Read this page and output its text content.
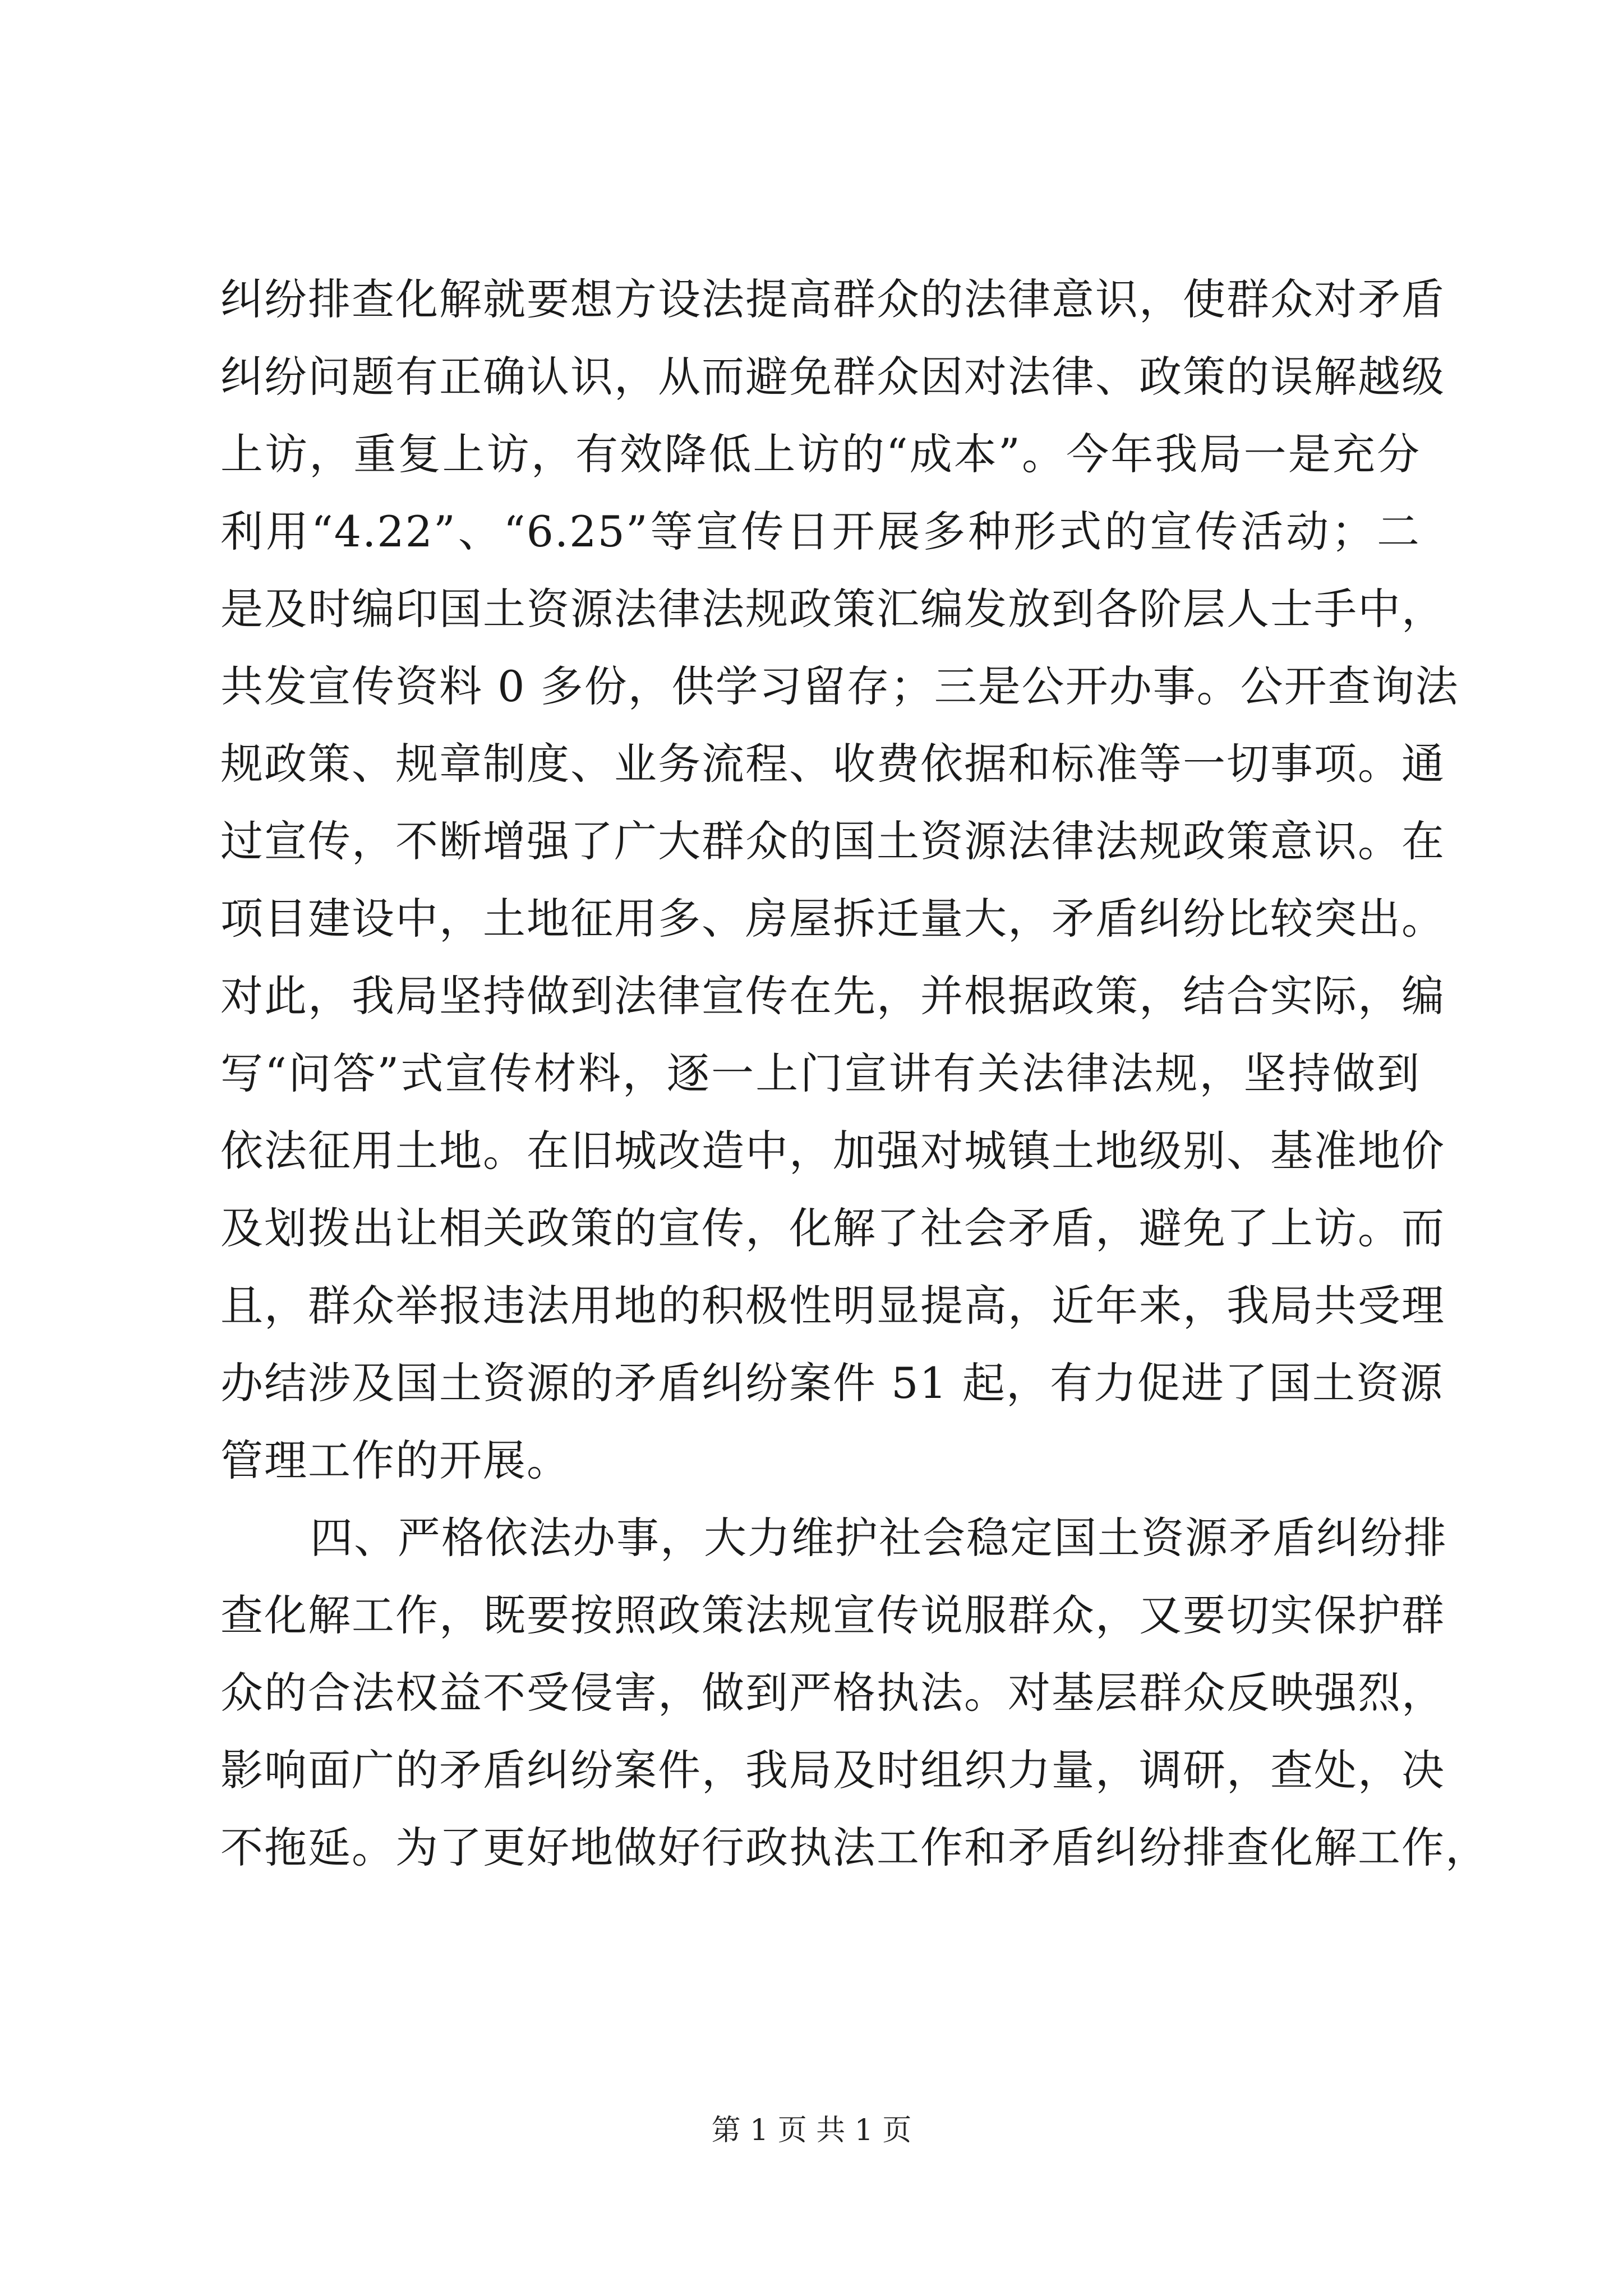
纠纷排查化解就要想方设法提高群众的法律意识，使群众对矛盾
纠纷问题有正确认识，从而避免群众因对法律、政策的误解越级
上访，重复上访，有效降低上访的“成本”。今年我局一是充分
利用“4.22”、“6.25”等宣传日开展多种形式的宣传活动；二
是及时编印国土资源法律法规政策汇编发放到各阶层人士手中，
共发宣传资料 0 多份，供学习留存；三是公开办事。公开查询法
规政策、规章制度、业务流程、收费依据和标准等一切事项。通
过宣传，不断增强了广大群众的国土资源法律法规政策意识。在
项目建设中，土地征用多、房屋拆迁量大，矛盾纠纷比较突出。
对此，我局坚持做到法律宣传在先，并根据政策，结合实际，编
写“问答”式宣传材料，逐一上门宣讲有关法律法规，坚持做到
依法征用土地。在旧城改造中，加强对城镇土地级别、基准地价
及划拨出让相关政策的宣传，化解了社会矛盾，避免了上访。而
且，群众举报违法用地的积极性明显提高，近年来，我局共受理
办结涉及国土资源的矛盾纠纷案件 51 起，有力促进了国土资源
管理工作的开展。
四、严格依法办事，大力维护社会稳定国土资源矛盾纠纷排
查化解工作，既要按照政策法规宣传说服群众，又要切实保护群
众的合法权益不受侵害，做到严格执法。对基层群众反映强烈，
影响面广的矛盾纠纷案件，我局及时组织力量，调研，查处，决
不拖延。为了更好地做好行政执法工作和矛盾纠纷排查化解工作，
第 1 页 共 1 页
